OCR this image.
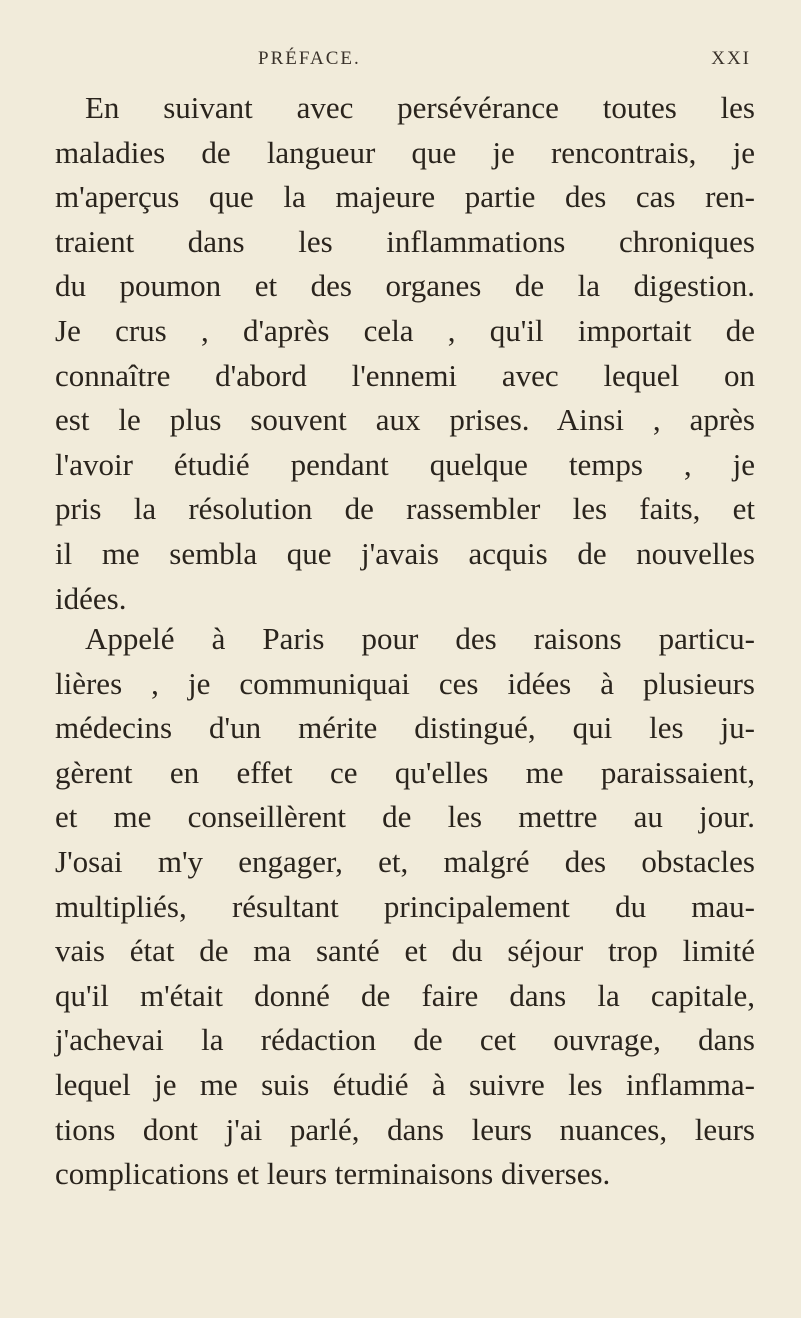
PRÉFACE.	XXI
En suivant avec persévérance toutes les
maladies de langueur que je rencontrais, je
m'aperçus que la majeure partie des cas ren-
traient dans les inflammations chroniques
du poumon et des organes de la digestion.
Je crus , d'après cela , qu'il importait de
connaître d'abord l'ennemi avec lequel on
est le plus souvent aux prises. Ainsi , après
l'avoir étudié pendant quelque temps , je
pris la résolution de rassembler les faits, et
il me sembla que j'avais acquis de nouvelles
idées.
Appelé à Paris pour des raisons particu-
lières , je communiquai ces idées à plusieurs
médecins d'un mérite distingué, qui les ju-
gèrent en effet ce qu'elles me paraissaient,
et me conseillèrent de les mettre au jour.
J'osai m'y engager, et, malgré des obstacles
multipliés, résultant principalement du mau-
vais état de ma santé et du séjour trop limité
qu'il m'était donné de faire dans la capitale,
j'achevai la rédaction de cet ouvrage, dans
lequel je me suis étudié à suivre les inflamma-
tions dont j'ai parlé, dans leurs nuances, leurs
complications et leurs terminaisons diverses.
